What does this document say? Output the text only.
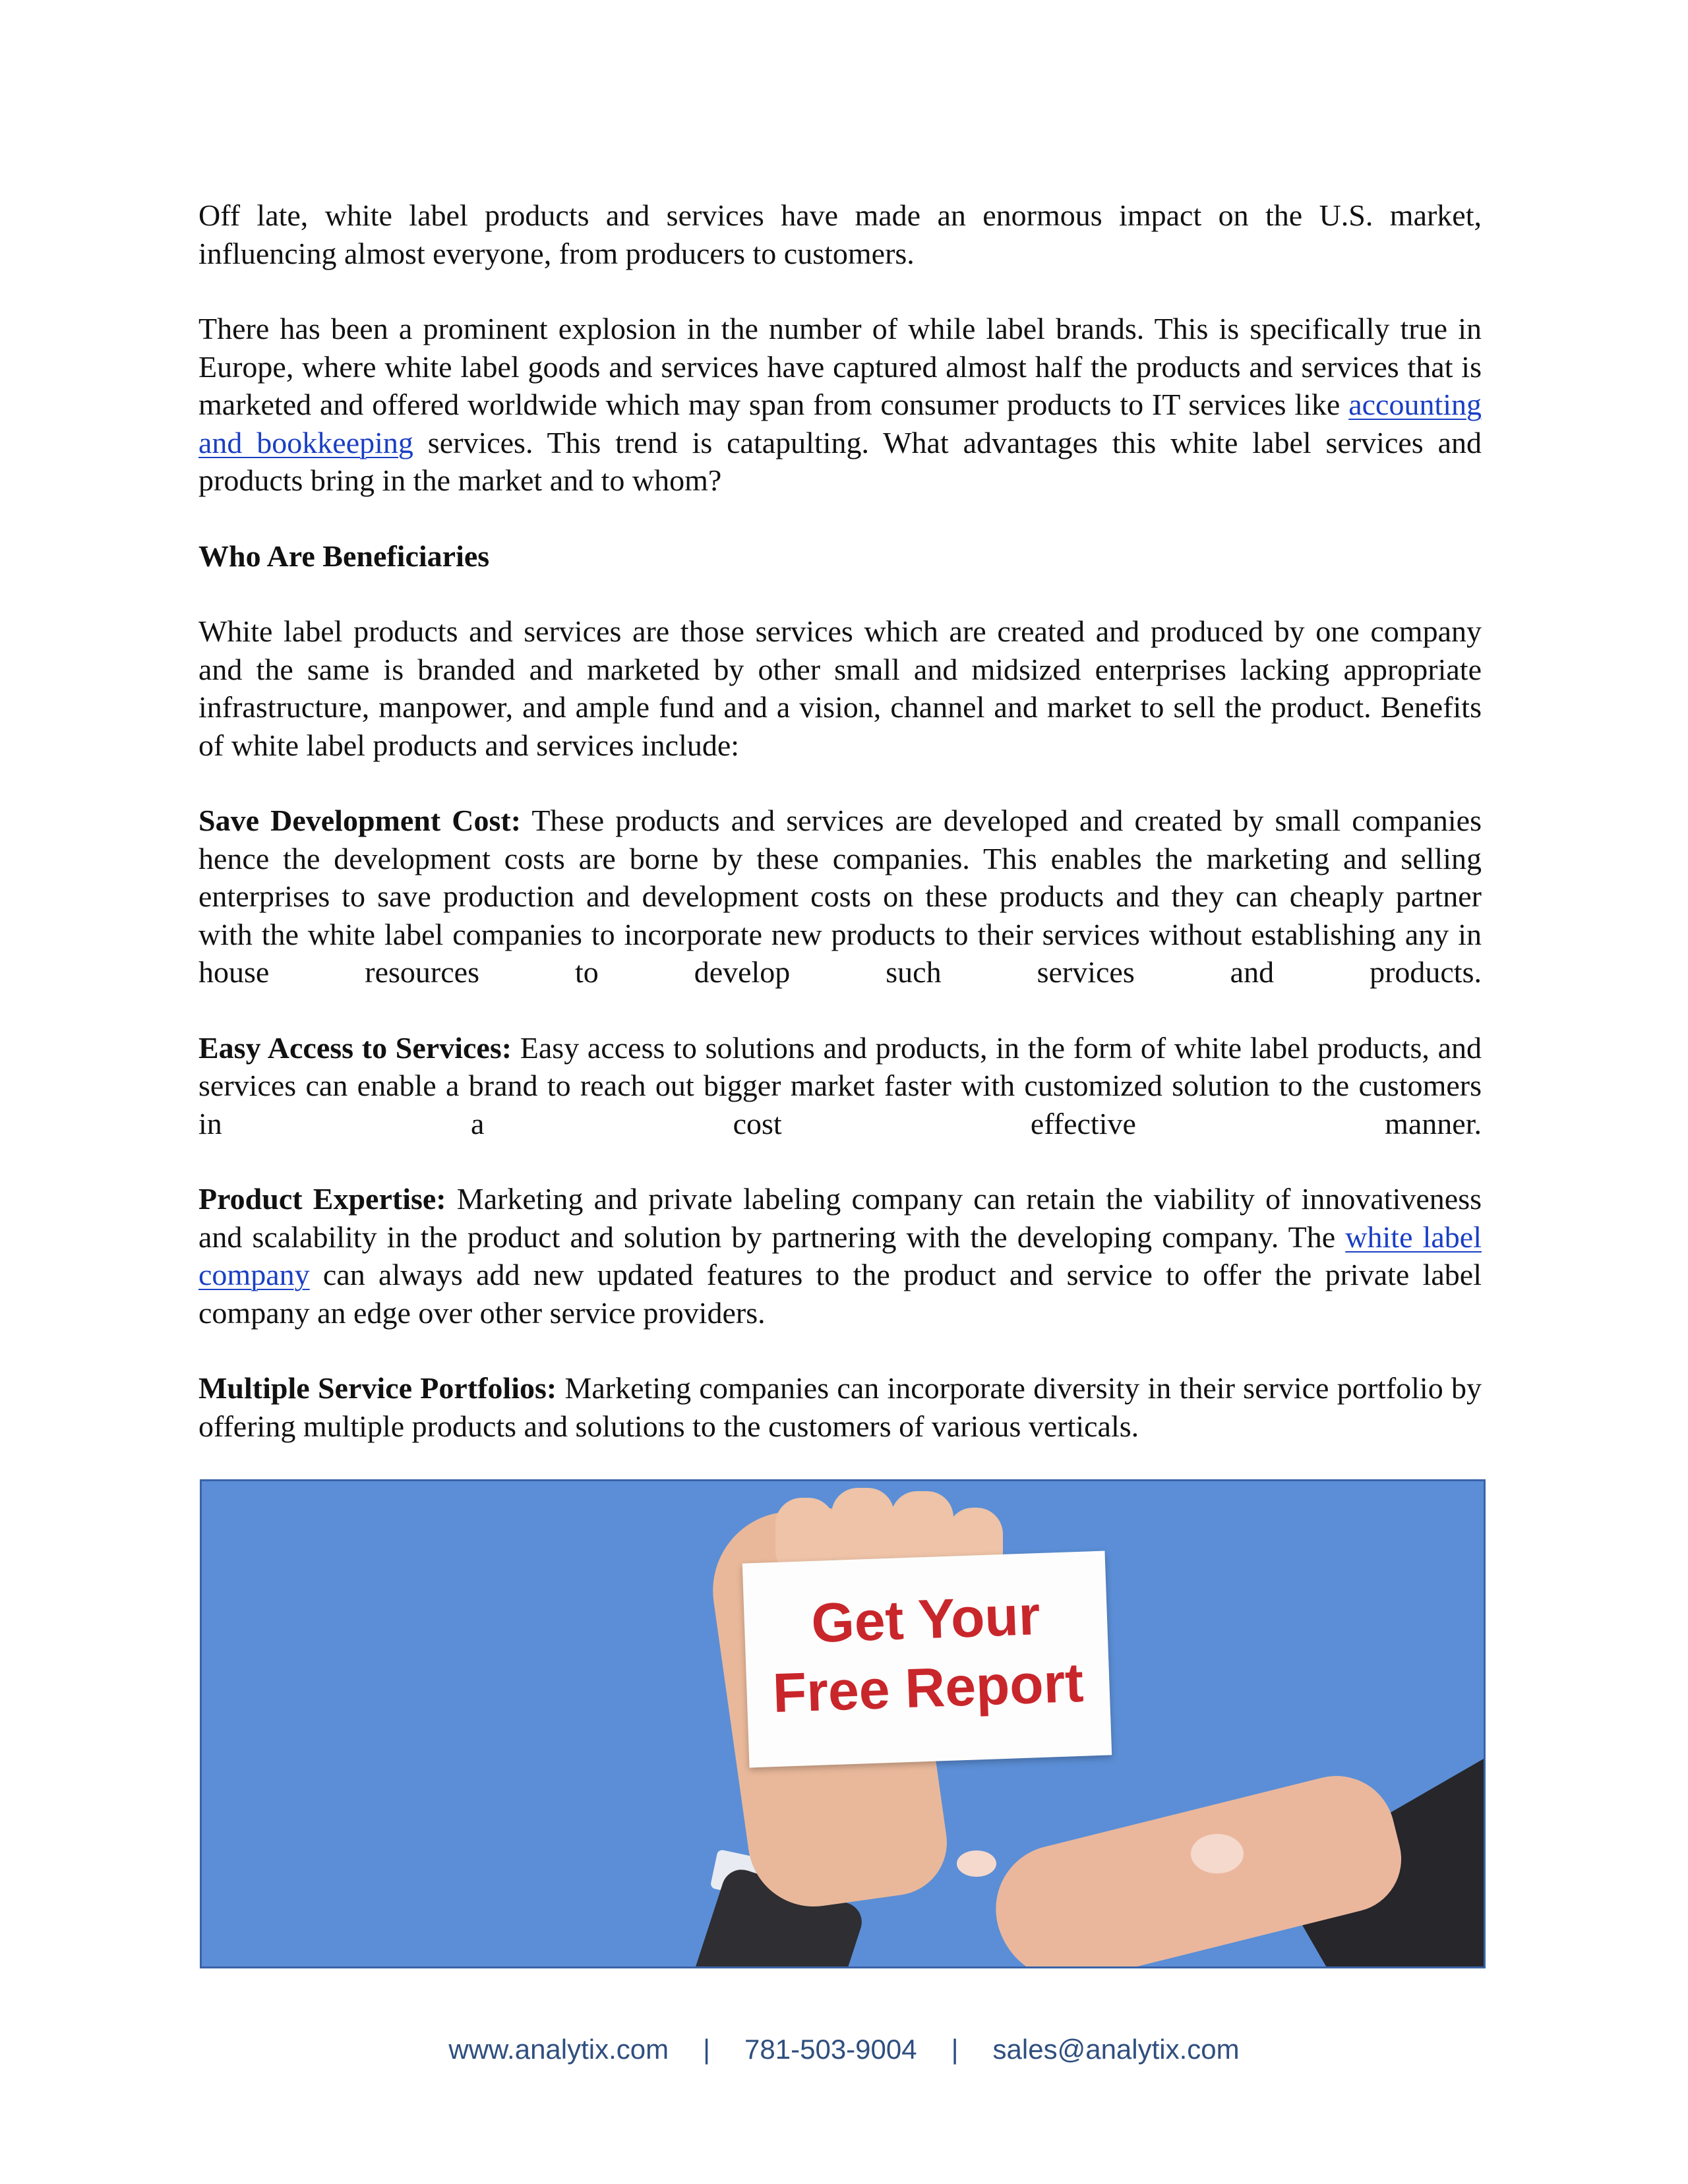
Off late, white label products and services have made an enormous impact on the U.S. market, influencing almost everyone, from producers to customers.

There has been a prominent explosion in the number of while label brands. This is specifically true in Europe, where white label goods and services have captured almost half the products and services that is marketed and offered worldwide which may span from consumer products to IT services like accounting and bookkeeping services. This trend is catapulting. What advantages this white label services and products bring in the market and to whom?

Who Are Beneficiaries

White label products and services are those services which are created and produced by one company and the same is branded and marketed by other small and midsized enterprises lacking appropriate infrastructure, manpower, and ample fund and a vision, channel and market to sell the product. Benefits of white label products and services include:

Save Development Cost: These products and services are developed and created by small companies hence the development costs are borne by these companies. This enables the marketing and selling enterprises to save production and development costs on these products and they can cheaply partner with the white label companies to incorporate new products to their services without establishing any in house resources to develop such services and products.

Easy Access to Services: Easy access to solutions and products, in the form of white label products, and services can enable a brand to reach out bigger market faster with customized solution to the customers in a cost effective manner.

Product Expertise: Marketing and private labeling company can retain the viability of innovativeness and scalability in the product and solution by partnering with the developing company. The white label company can always add new updated features to the product and service to offer the private label company an edge over other service providers.

Multiple Service Portfolios: Marketing companies can incorporate diversity in their service portfolio by offering multiple products and solutions to the customers of various verticals.

Get Your
Free Report
www.analytix.com | 781-503-9004 | sales@analytix.com
